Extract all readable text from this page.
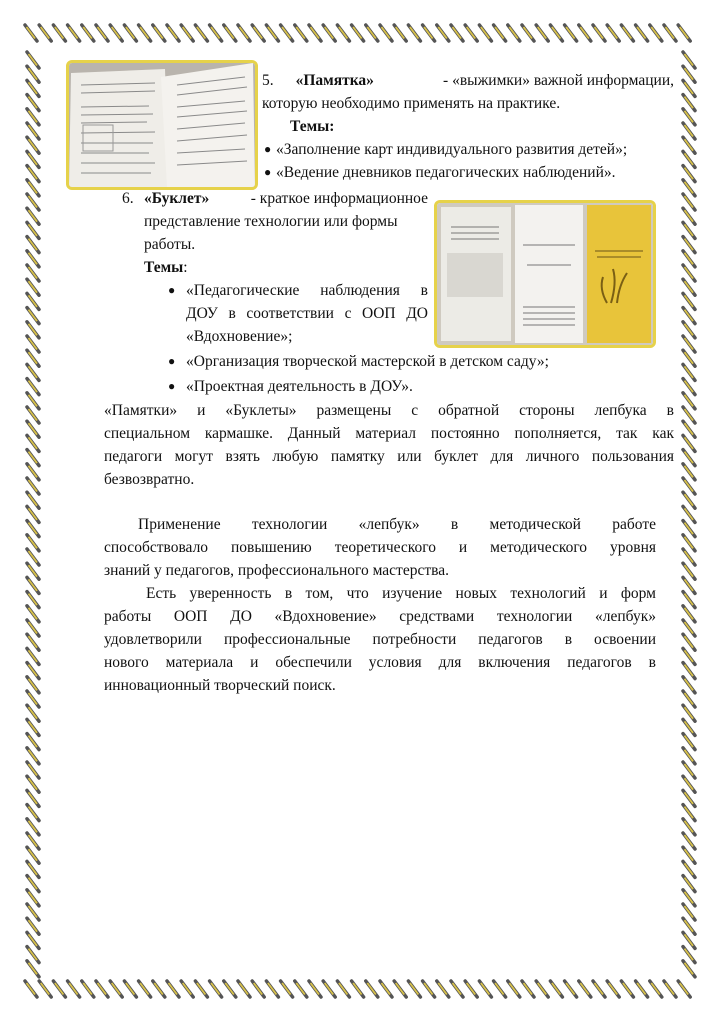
5. «Памятка»	- «выжимки» важной информации,
которую необходимо применять на практике.
Темы:
● «Заполнение карт индивидуального развития детей»;
● «Ведение дневников педагогических наблюдений».
6. «Буклет»	- краткое информационное
представление технологии или формы
работы.
Темы:
● «Педагогические наблюдения в
ДОУ в соответствии с ООП ДО
«Вдохновение»;
● «Организация творческой мастерской в детском саду»;
● «Проектная деятельность в ДОУ».
«Памятки» и «Буклеты» размещены с обратной стороны лепбука в
специальном кармашке. Данный материал постоянно пополняется, так как
педагоги могут взять любую памятку или буклет для личного пользования
безвозвратно.
Применение технологии «лепбук» в методической работе
способствовало повышению теоретического и методического уровня
знаний у педагогов, профессионального мастерства.
Есть уверенность в том, что изучение новых технологий и форм
работы ООП ДО «Вдохновение» средствами технологии «лепбук»
удовлетворили профессиональные потребности педагогов в освоении
нового материала и обеспечили условия для включения педагогов в
инновационный творческий поиск.
